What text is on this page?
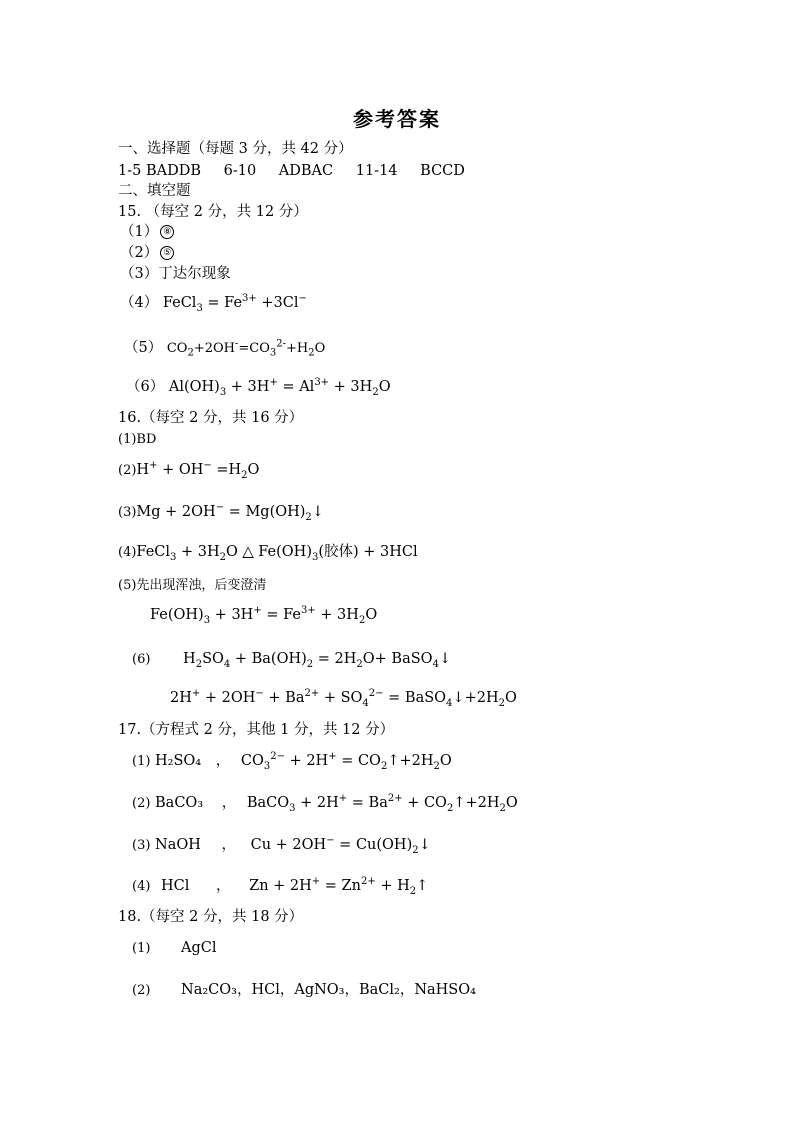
参考答案
一、选择题（每题 3 分，共 42 分）
1-5 BADDB 6-10 ADBAC 11-14 BCCD
二、填空题
15. （每空 2 分，共 12 分）
（1） ⑧
（2） ⑤
（3）丁达尔现象
（4） FeCl$_3$ = $Fe^{3+} +3Cl^-$
（5） $CO_2+2OH^-=CO_3^{2-}+H_2O$
（6） $Al(OH)_3 + 3H^+ = Al^{3+} + 3H_2O$
16.（每空 2 分，共 16 分）
(1)BD
$(2)H^+ + OH^- =H_2O$
$(3)Mg + 2OH^- = Mg(OH)_2↓$
(4)FeCl$_3$ + $3H_2O$ △ $Fe(OH)_3$(胶体) + 3HCl
(5)先出现浑浊，后变澄清
$Fe(OH)_3 + 3H^+ = Fe^{3+} + 3H_2O$
(6) $H_2SO_4 + Ba(OH)_2 = 2H_2O+$ BaSO$_4$↓
$2H^+ + 2OH^- + Ba^{2+} + SO_4^{2-}$ = $BaSO_4↓+2H_2O$
17.（方程式 2 分，其他 1 分，共 12 分）
(1) H₂SO₄ ， $CO_3^{2-} + 2H^+$ = $CO_2↑+2H_2O$
(2) BaCO₃ ， BaCO$_3$ + $2H^+ = Ba^{2+}$ + $CO_2↑+2H_2O$
(3) NaOH ， $Cu + 2OH^- = Cu(OH)_2↓$
(4) HCl ， $Zn + 2H^+ = Zn^{2+}$ + $H_2↑$
18.（每空 2 分，共 18 分）
(1) AgCl
(2) Na₂CO₃，HCl，AgNO₃，BaCl₂，NaHSO₄
